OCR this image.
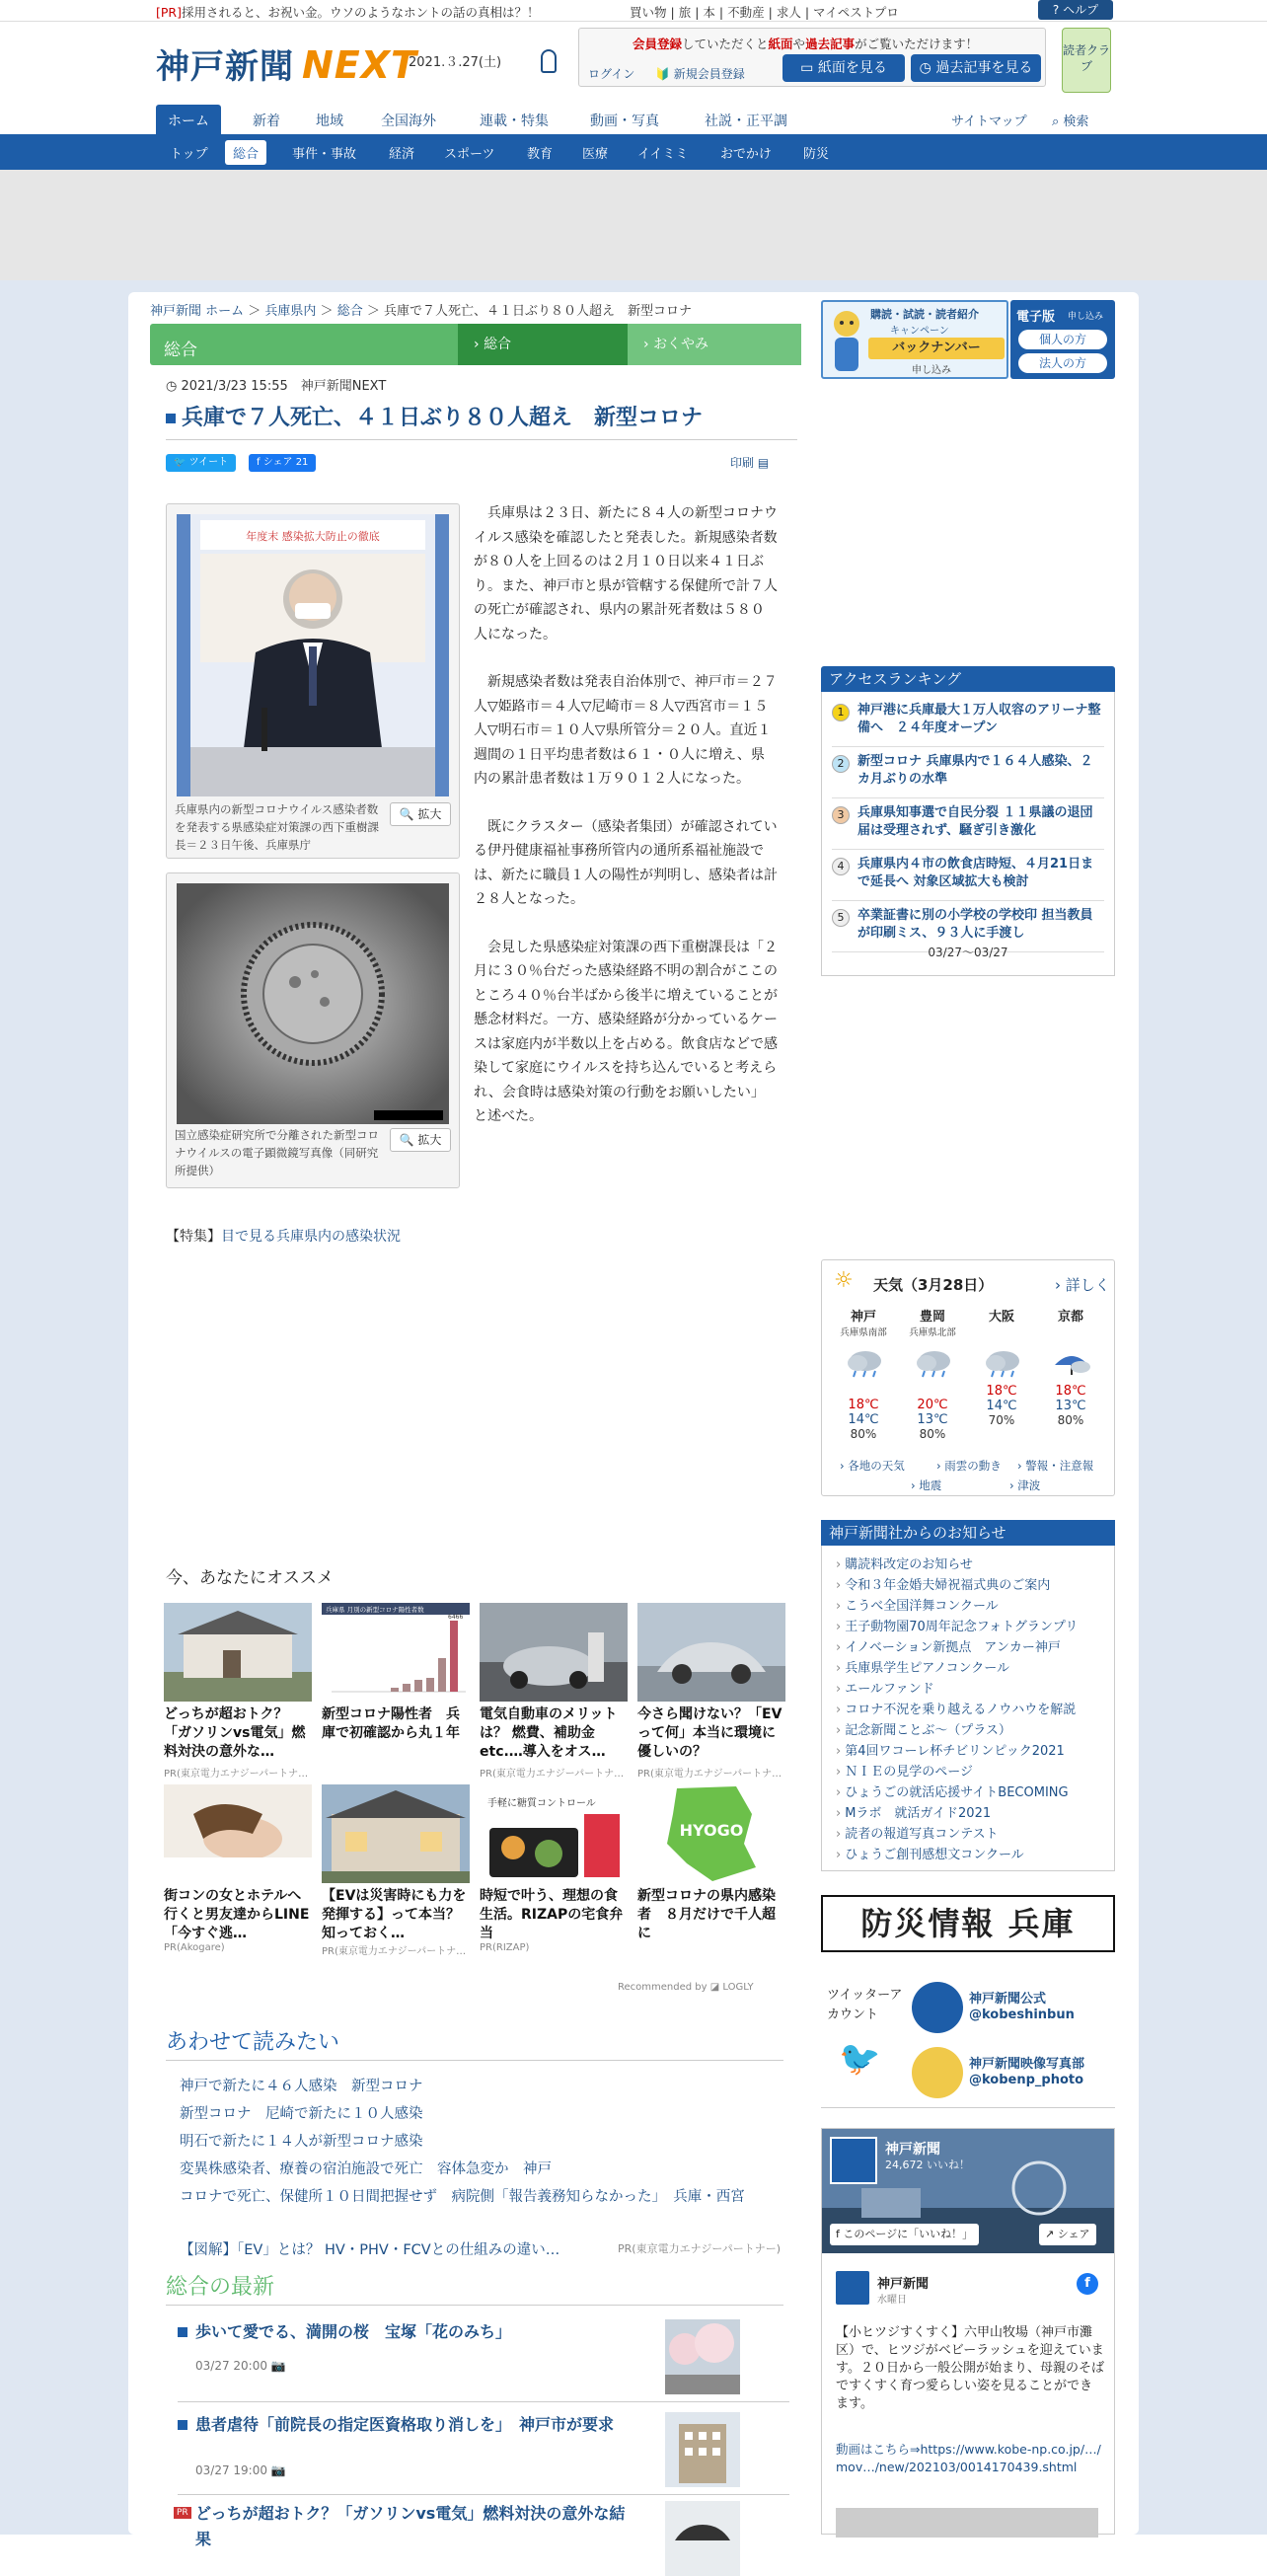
[PR]採用されると、お祝い金。ウソのようなホントの話の真相は？！	買い物 | 旅 | 本 | 不動産 | 求人 | マイペストプロ	? ヘルプ
神戸新聞 NEXT
2021.３.27(土)
会員登録していただくと紙面や過去記事がご覧いただけます！
▭ 紙面を見る	◷ 過去記事を見る
ログイン 🔰 新規会員登録
読者クラブ
ホーム	新着	地域	全国海外	連載・特集	動画・写真	社説・正平調	サイトマップ ⌕ 検索
トップ	総合	事件・事故	経済 スポーツ	教育 医療 イイミミ	おでかけ 防災
神戸新聞 ホーム ＞ 兵庫県内 ＞ 総合 ＞ 兵庫で７人死亡、４１日ぶり８０人超え　新型コロナ
総合	› 総合	› おくやみ
◷ 2021/3/23 15:55　神戸新聞NEXT
兵庫で７人死亡、４１日ぶり８０人超え　新型コロナ
🐦 ツイート	f シェア 21	印刷 ▤
年度末 感染拡大防止の徹底
兵庫県内の新型コロナウイルス感染者数を発表する県感染症対策課の西下重樹課長＝２３日午後、兵庫県庁
🔍 拡大
国立感染症研究所で分離された新型コロナウイルスの電子顕微鏡写真像（同研究所提供）
🔍 拡大

兵庫県は２３日、新たに８４人の新型コロナウイルス感染を確認したと発表した。新規感染者数が８０人を上回るのは２月１０日以来４１日ぶり。また、神戸市と県が管轄する保健所で計７人の死亡が確認され、県内の累計死者数は５８０人になった。

新規感染者数は発表自治体別で、神戸市＝２７人▽姫路市＝４人▽尼崎市＝８人▽西宮市＝１５人▽明石市＝１０人▽県所管分＝２０人。直近１週間の１日平均患者数は６１・０人に増え、県内の累計患者数は１万９０１２人になった。

既にクラスター（感染者集団）が確認されている伊丹健康福祉事務所管内の通所系福祉施設では、新たに職員１人の陽性が判明し、感染者は計２８人となった。

会見した県感染症対策課の西下重樹課長は「２月に３０％台だった感染経路不明の割合がここのところ４０％台半ばから後半に増えていることが懸念材料だ。一方、感染経路が分かっているケースは家庭内が半数以上を占める。飲食店などで感染して家庭にウイルスを持ち込んでいると考えられ、会食時は感染対策の行動をお願いしたい」と述べた。

【特集】目で見る兵庫県内の感染状況
今、あなたにオススメ
どっちが超おトク？「ガソリンvs電気」燃料対決の意外な…
PR(東京電力エナジーパートナ…
兵庫県 月別の新型コロナ陽性者数
6466
新型コロナ陽性者　兵庫で初確認から丸１年
電気自動車のメリットは？ 燃費、補助金etc.…導入をオス…
PR(東京電力エナジーパートナ…
今さら聞けない？「EVって何」本当に環境に優しいの？
PR(東京電力エナジーパートナ…
街コンの女とホテルへ行くと男友達からLINE「今すぐ逃…
PR(Akogare)
【EVは災害時にも力を発揮する】って本当？知っておく…
PR(東京電力エナジーパートナ…
手軽に糖質コントロール
時短で叶う、理想の食生活。RIZAPの宅食弁当
PR(RIZAP)
HYOGO
新型コロナの県内感染者　８月だけで千人超に
Recommended by ◪ LOGLY
あわせて読みたい
神戸で新たに４６人感染　新型コロナ
新型コロナ　尼崎で新たに１０人感染
明石で新たに１４人が新型コロナ感染
変異株感染者、療養の宿泊施設で死亡　容体急変か　神戸
コロナで死亡、保健所１０日間把握せず　病院側「報告義務知らなかった」　兵庫・西宮
【図解】「EV」とは？ HV・PHV・FCVとの仕組みの違い…	PR(東京電力エナジーパートナー)
総合の最新
歩いて愛でる、満開の桜　宝塚「花のみち」
03/27 20:00 📷
患者虐待「前院長の指定医資格取り消しを」　神戸市が要求
03/27 19:00 📷
PR どっちが超おトク？「ガソリンvs電気」燃料対決の意外な結果
購読・試読・読者紹介
キャンペーン
バックナンバー
申し込み
電子版 申し込み
個人の方
法人の方
アクセスランキング
1	神戸港に兵庫最大１万人収容のアリーナ整備へ　２４年度オープン
2	新型コロナ 兵庫県内で１６４人感染、２カ月ぶりの水準
3	兵庫県知事選で自民分裂 １１県議の退団届は受理されず、騒ぎ引き激化
4	兵庫県内４市の飲食店時短、４月21日まで延長へ 対象区域拡大も検討
5	卒業証書に別の小学校の学校印 担当教員が印刷ミス、９３人に手渡し
03/27～03/27
☼ 天気（3月28日）	› 詳しく
神戸
兵庫県南部
18℃
14℃
80%
豊岡
兵庫県北部
20℃
13℃
80%
大阪
18℃
14℃
70%
京都
18℃
13℃
80%
› 各地の天気	› 雨雲の動き › 警報・注意報
› 地震	› 津波
神戸新聞社からのお知らせ
› 購読料改定のお知らせ
› 令和３年金婚夫婦祝福式典のご案内
› こうべ全国洋舞コンクール
› 王子動物園70周年記念フォトグランプリ
› イノベーション新拠点　アンカー神戸
› 兵庫県学生ピアノコンクール
› エールファンド
› コロナ不況を乗り越えるノウハウを解説
› 記念新聞ことぶ〜（プラス）
› 第4回ワコーレ杯チビリンピック2021
› ＮＩＥの見学のページ
› ひょうごの就活応援サイトBECOMING
› Mラボ　就活ガイド2021
› 読者の報道写真コンテスト
› ひょうご創刊感想文コンクール
防災情報 兵庫
ツイッターアカウント
🐦
神戸新聞公式
@kobeshinbun
神戸新聞映像写真部
@kobenp_photo
神戸新聞
24,672 いいね！
f このページに「いいね！」	↗ シェア
神戸新聞
水曜日
f
【小ヒツジすくすく】六甲山牧場（神戸市灘区）で、ヒツジがベビーラッシュを迎えています。２０日から一般公開が始まり、母親のそばですくすく育つ愛らしい姿を見ることができます。
動画はこちら⇒https://www.kobe-np.co.jp/…/mov…/new/202103/0014170439.shtml
